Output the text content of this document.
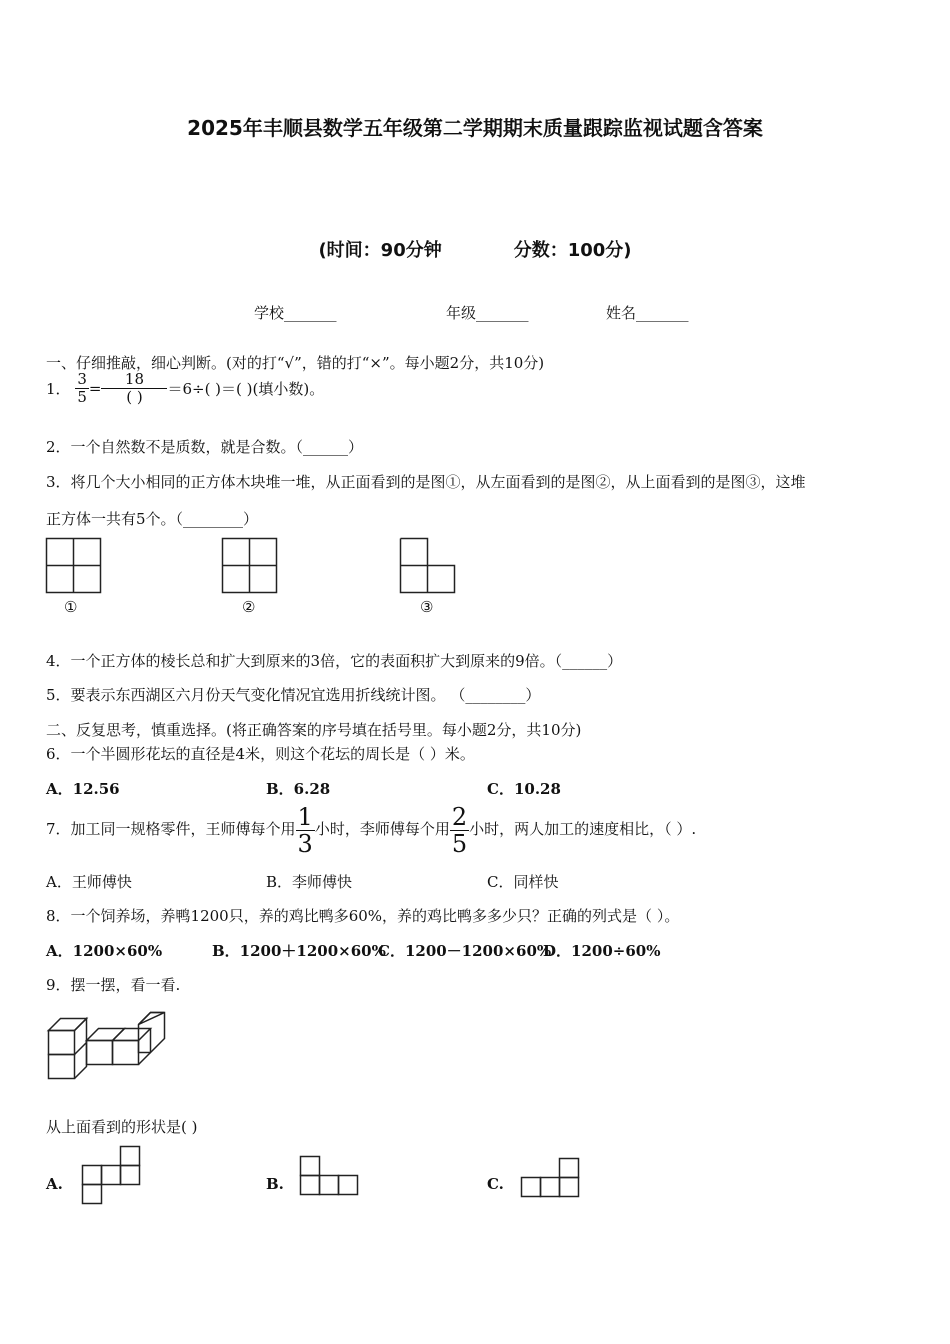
2025年丰顺县数学五年级第二学期期末质量跟踪监视试题含答案
(时间：90分钟	分数：100分)
学校_______	年级_______	姓名_______
一、仔细推敲，细心判断。(对的打“√”，错的打“×”。每小题2分，共10分)
1． $\frac{3}{5} = \frac{18}{( )} =6\div$( )＝( )(填小数)。
2．一个自然数不是质数，就是合数。（______）
3．将几个大小相同的正方体木块堆一堆，从正面看到的是图①，从左面看到的是图②，从上面看到的是图③，这堆
正方体一共有5个。（________）
①	②	③
4．一个正方体的棱长总和扩大到原来的3倍，它的表面积扩大到原来的9倍。（______）
5．要表示东西湖区六月份天气变化情况宜选用折线统计图。 （________）
二、反复思考，慎重选择。(将正确答案的序号填在括号里。每小题2分，共10分)
6．一个半圆形花坛的直径是4米，则这个花坛的周长是（ ）米。
A．12.56	B．6.28	C．10.28
7．加工同一规格零件，王师傅每个用 $\frac{1}{3}$ 小时，李师傅每个用 $\frac{2}{5}$ 小时，两人加工的速度相比，（ ）.
A．王师傅快	B．李师傅快	C．同样快
8．一个饲养场，养鸭1200只，养的鸡比鸭多60%，养的鸡比鸭多多少只？正确的列式是（ ）。
A．1200×60%	B．1200＋1200×60%
C．1200－1200×60%
D．1200÷60%
9．摆一摆，看一看.
从上面看到的形状是( )
A.	B.	C.
